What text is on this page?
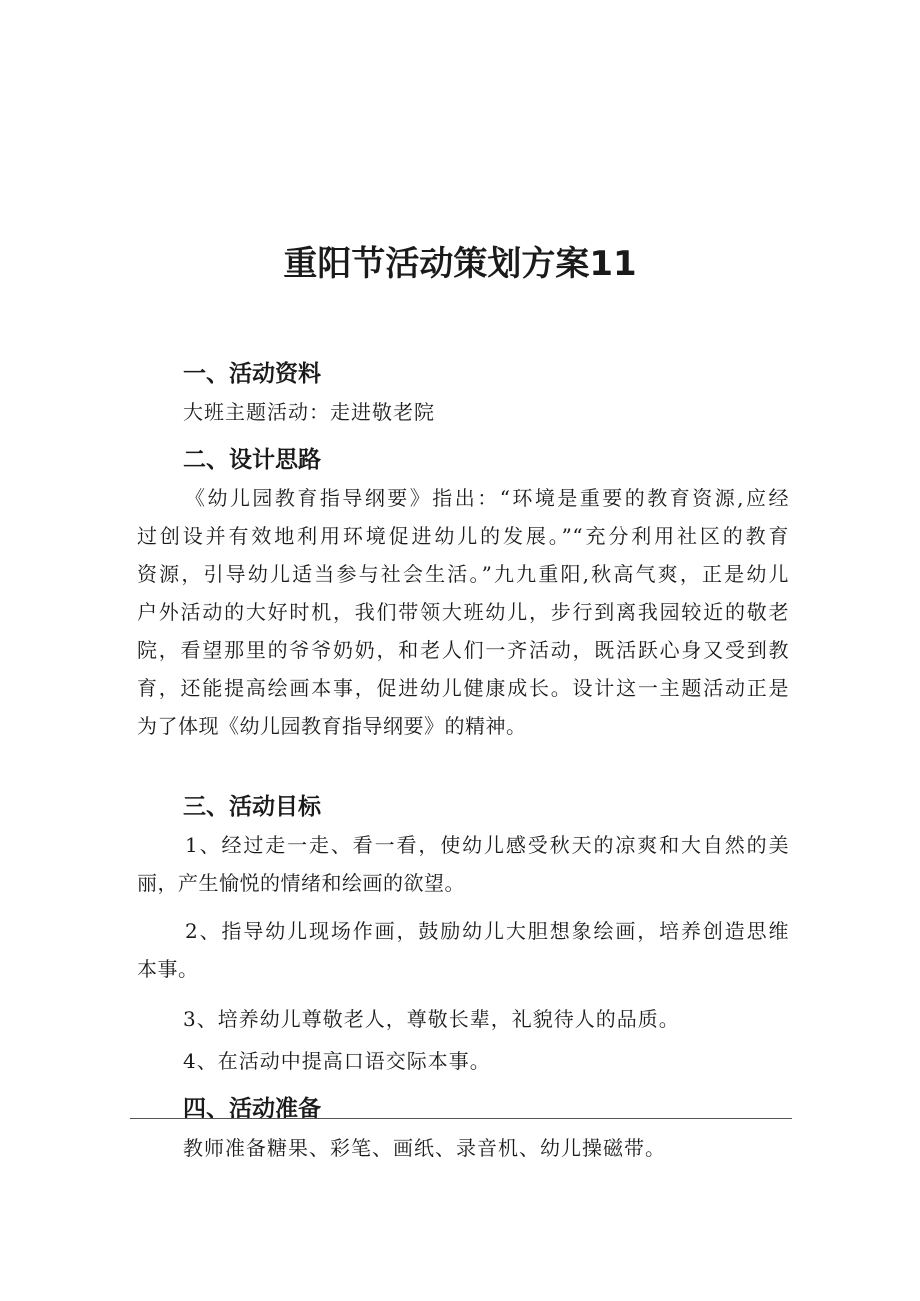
重阳节活动策划方案11
一、活动资料
大班主题活动：走进敬老院
二、设计思路
《幼儿园教育指导纲要》指出：“环境是重要的教育资源,应经
过创设并有效地利用环境促进幼儿的发展。”“充分利用社区的教育
资源，引导幼儿适当参与社会生活。”九九重阳,秋高气爽，正是幼儿
户外活动的大好时机，我们带领大班幼儿，步行到离我园较近的敬老
院，看望那里的爷爷奶奶，和老人们一齐活动，既活跃心身又受到教
育，还能提高绘画本事，促进幼儿健康成长。设计这一主题活动正是
为了体现《幼儿园教育指导纲要》的精神。
三、活动目标
1、经过走一走、看一看，使幼儿感受秋天的凉爽和大自然的美
丽，产生愉悦的情绪和绘画的欲望。
2、指导幼儿现场作画，鼓励幼儿大胆想象绘画，培养创造思维
本事。
3、培养幼儿尊敬老人，尊敬长辈，礼貌待人的品质。
4、在活动中提高口语交际本事。
四、活动准备
教师准备糖果、彩笔、画纸、录音机、幼儿操磁带。
